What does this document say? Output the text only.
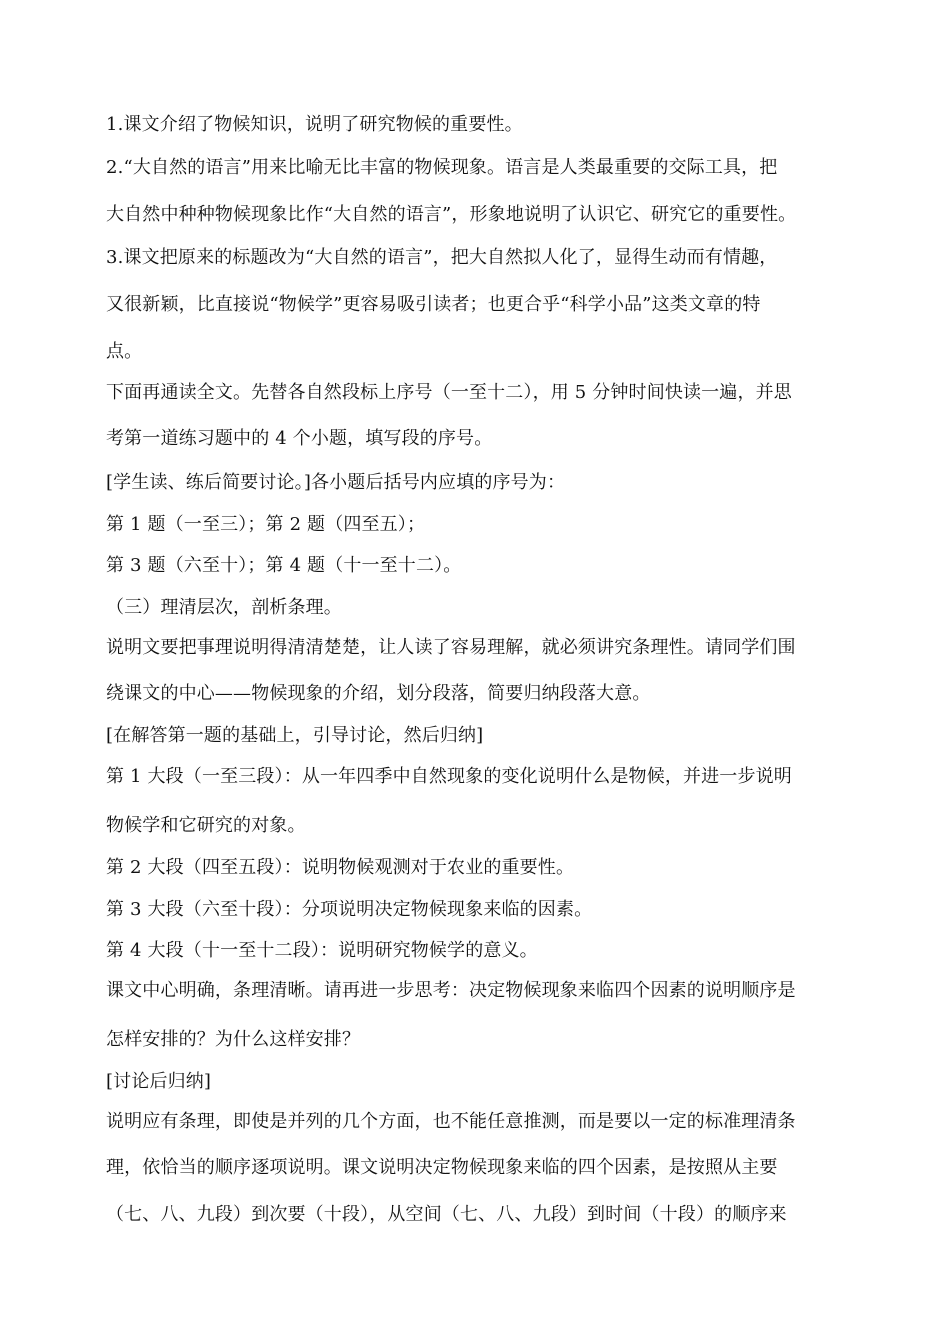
1.课文介绍了物候知识，说明了研究物候的重要性。
2.“大自然的语言”用来比喻无比丰富的物候现象。语言是人类最重要的交际工具，把
大自然中种种物候现象比作“大自然的语言”，形象地说明了认识它、研究它的重要性。
3.课文把原来的标题改为“大自然的语言”，把大自然拟人化了，显得生动而有情趣，
又很新颖，比直接说“物候学”更容易吸引读者；也更合乎“科学小品”这类文章的特
点。
下面再通读全文。先替各自然段标上序号（一至十二），用 5 分钟时间快读一遍，并思
考第一道练习题中的 4 个小题，填写段的序号。
[学生读、练后简要讨论。]各小题后括号内应填的序号为：
第 1 题（一至三）；第 2 题（四至五）；
第 3 题（六至十）；第 4 题（十一至十二）。
（三）理清层次，剖析条理。
说明文要把事理说明得清清楚楚，让人读了容易理解，就必须讲究条理性。请同学们围
绕课文的中心——物候现象的介绍，划分段落，简要归纳段落大意。
[在解答第一题的基础上，引导讨论，然后归纳]
第 1 大段（一至三段）：从一年四季中自然现象的变化说明什么是物候，并进一步说明
物候学和它研究的对象。
第 2 大段（四至五段）：说明物候观测对于农业的重要性。
第 3 大段（六至十段）：分项说明决定物候现象来临的因素。
第 4 大段（十一至十二段）：说明研究物候学的意义。
课文中心明确，条理清晰。请再进一步思考：决定物候现象来临四个因素的说明顺序是
怎样安排的？为什么这样安排？
[讨论后归纳]
说明应有条理，即使是并列的几个方面，也不能任意推测，而是要以一定的标准理清条
理，依恰当的顺序逐项说明。课文说明决定物候现象来临的四个因素，是按照从主要
（七、八、九段）到次要（十段），从空间（七、八、九段）到时间（十段）的顺序来
